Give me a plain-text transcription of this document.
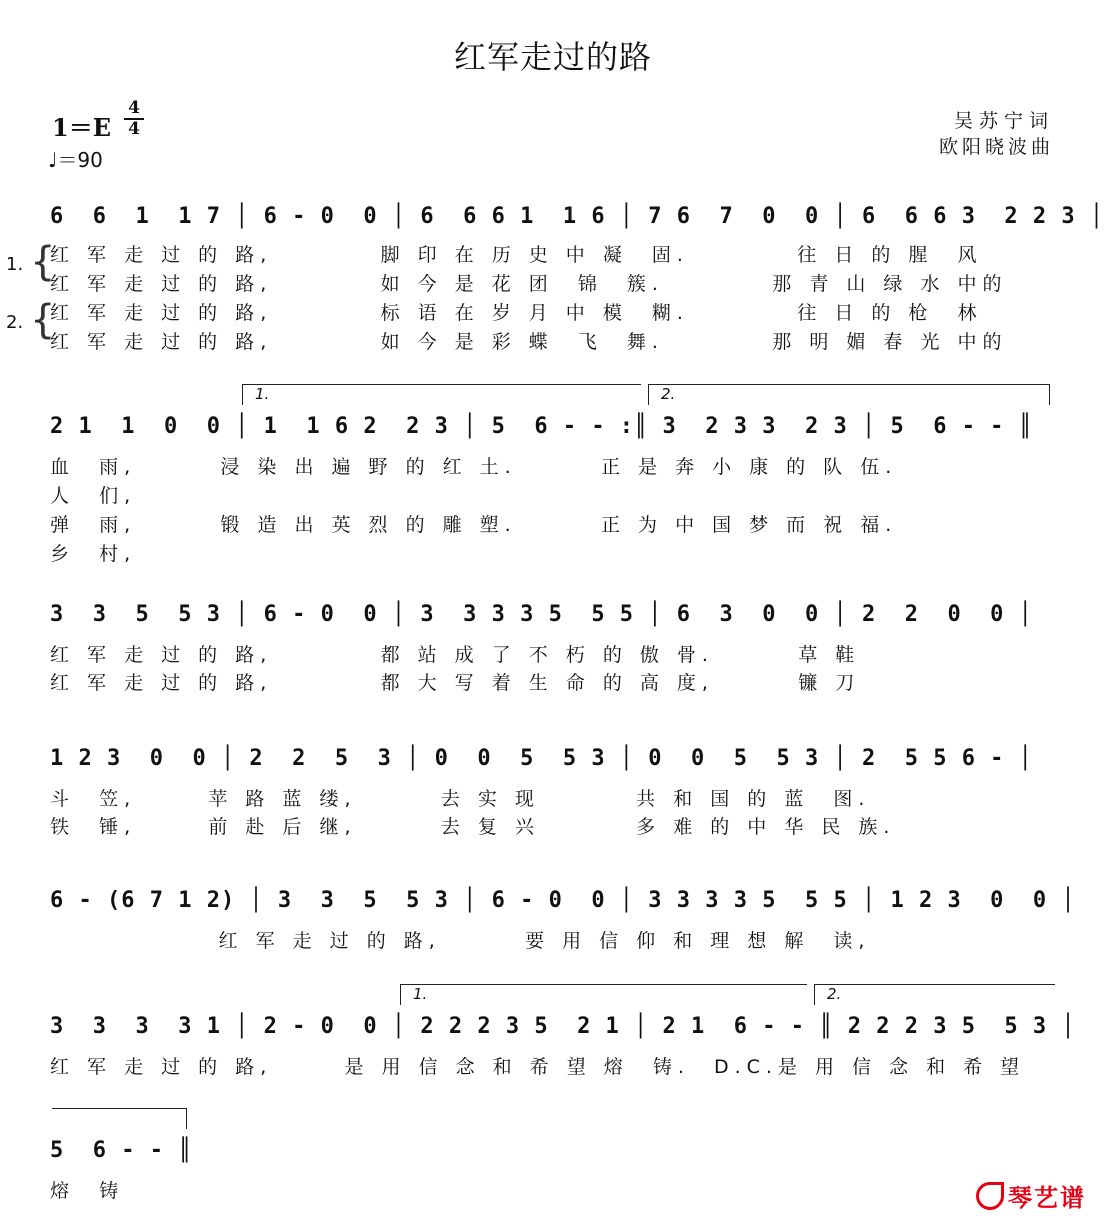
红军走过的路
1＝E
4
4
♩＝90
吴苏宁词
欧阳晓波曲
6  6  1  1 7 │ 6 - 0  0 │ 6  6 6 1  1 6 │ 7 6  7  0  0 │ 6  6 6 3  2 2 3 │
1. {
2. {
红 军 走 过 的 路,         脚 印 在 历 史 中 凝  固.         往 日 的 腥  风
红 军 走 过 的 路,         如 今 是 花 团  锦  簇.         那 青 山 绿 水 中的
红 军 走 过 的 路,         标 语 在 岁 月 中 模  糊.         往 日 的 枪  林
红 军 走 过 的 路,         如 今 是 彩 蝶  飞  舞.         那 明 媚 春 光 中的
1.	2.
2 1  1  0  0 │ 1  1 6 2  2 3 │ 5  6 - - :║ 3  2 3 3  2 3 │ 5  6 - - ║
血  雨,       浸 染 出 遍 野 的 红 土.       正 是 奔 小 康 的 队 伍.
人  们,
弹  雨,       锻 造 出 英 烈 的 雕 塑.       正 为 中 国 梦 而 祝 福.
乡  村,
3  3  5  5 3 │ 6 - 0  0 │ 3  3 3 3 5  5 5 │ 6  3  0  0 │ 2  2  0  0 │
红 军 走 过 的 路,         都 站 成 了 不 朽 的 傲 骨.       草 鞋
红 军 走 过 的 路,         都 大 写 着 生 命 的 高 度,       镰 刀
1 2 3  0  0 │ 2  2  5  3 │ 0  0  5  5 3 │ 0  0  5  5 3 │ 2  5 5 6 - │
斗  笠,      苹 路 蓝 缕,       去 实 现        共 和 国 的 蓝  图.
铁  锤,      前 赴 后 继,       去 复 兴        多 难 的 中 华 民 族.
6 - (6 7 1 2) │ 3  3  5  5 3 │ 6 - 0  0 │ 3 3 3 3 5  5 5 │ 1 2 3  0  0 │
红 军 走 过 的 路,       要 用 信 仰 和 理 想 解  读,
1.	2.
3  3  3  3 1 │ 2 - 0  0 │ 2 2 2 3 5  2 1 │ 2 1  6 - - ║ 2 2 2 3 5  5 3 │
红 军 走 过 的 路,      是 用 信 念 和 希 望 熔  铸.  D.C.是 用 信 念 和 希 望
5  6 - - ║
熔  铸	琴艺谱
